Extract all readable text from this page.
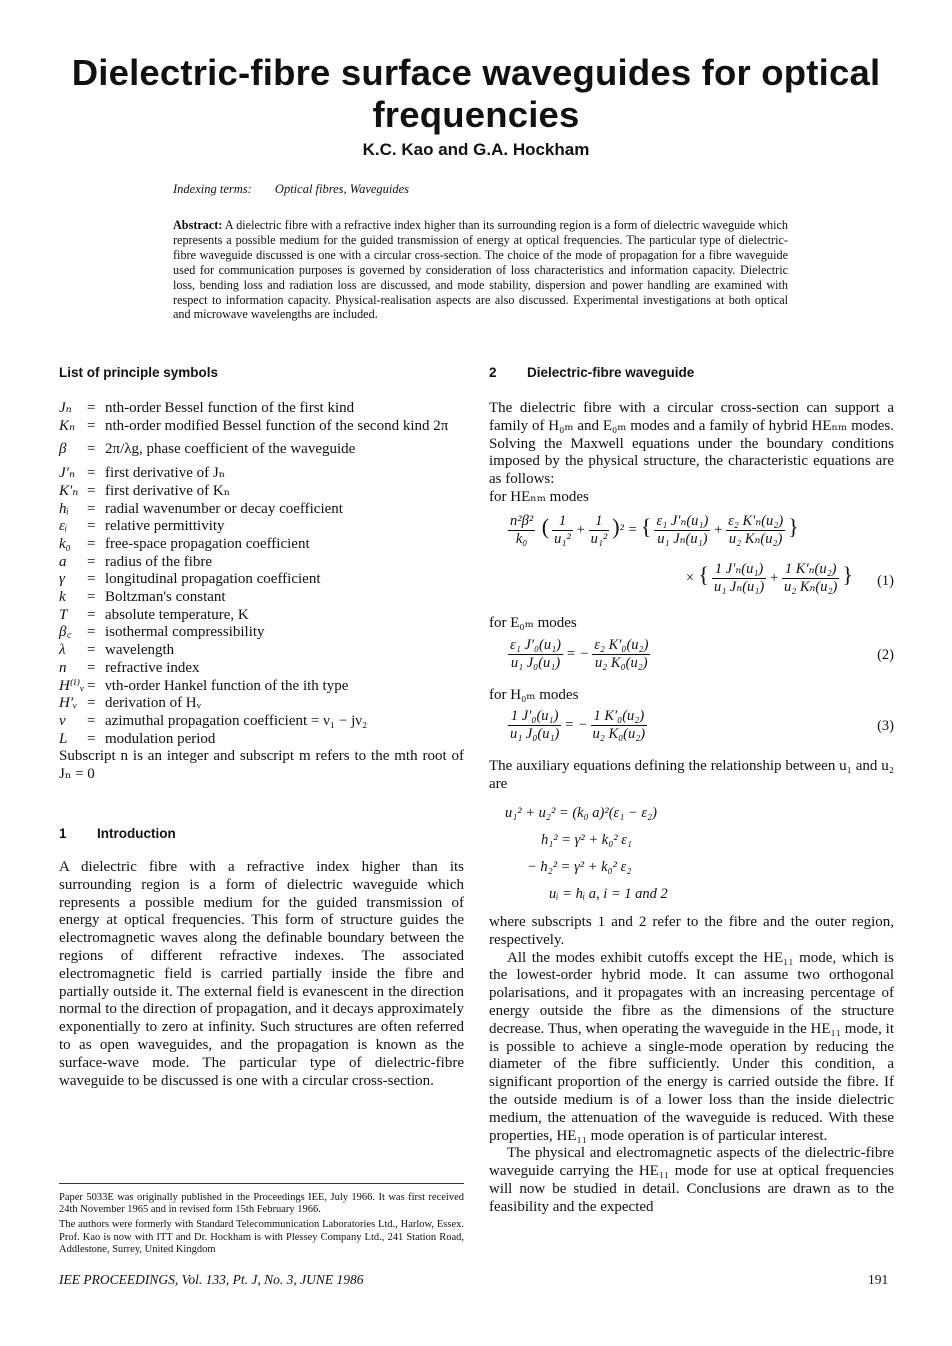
Dielectric-fibre surface waveguides for optical frequencies
K.C. Kao and G.A. Hockham
Indexing terms: Optical fibres, Waveguides
Abstract: A dielectric fibre with a refractive index higher than its surrounding region is a form of dielectric waveguide which represents a possible medium for the guided transmission of energy at optical frequencies. The particular type of dielectric-fibre waveguide discussed is one with a circular cross-section. The choice of the mode of propagation for a fibre waveguide used for communication purposes is governed by consideration of loss characteristics and information capacity. Dielectric loss, bending loss and radiation loss are discussed, and mode stability, dispersion and power handling are examined with respect to information capacity. Physical-realisation aspects are also discussed. Experimental investigations at both optical and microwave wavelengths are included.
List of principle symbols
Jₙ	= nth-order Bessel function of the first kind
Kₙ = nth-order modified Bessel function of the second kind 2π
β	= 2π/λg, phase coefficient of the waveguide
J′ₙ = first derivative of Jₙ
K′ₙ = first derivative of Kₙ
hᵢ	= radial wavenumber or decay coefficient
εᵢ	= relative permittivity
k₀	= free-space propagation coefficient
a	= radius of the fibre
γ	= longitudinal propagation coefficient
k	= Boltzman's constant
T	= absolute temperature, K
β꜀	= isothermal compressibility
λ	= wavelength
n	= refractive index
H⁽ⁱ⁾ᵥ = νth-order Hankel function of the ith type
H′ᵥ = derivation of Hᵥ
ν	= azimuthal propagation coefficient = ν₁ − jν₂
L	= modulation period

Subscript n is an integer and subscript m refers to the mth root of Jₙ = 0

1 Introduction

A dielectric fibre with a refractive index higher than its surrounding region is a form of dielectric waveguide which represents a possible medium for the guided transmission of energy at optical frequencies. This form of structure guides the electromagnetic waves along the definable boundary between the regions of different refractive indexes. The associated electromagnetic field is carried partially inside the fibre and partially outside it. The external field is evanescent in the direction normal to the direction of propagation, and it decays approximately exponentially to zero at infinity. Such structures are often referred to as open waveguides, and the propagation is known as the surface-wave mode. The particular type of dielectric-fibre waveguide to be discussed is one with a circular cross-section.

2 Dielectric-fibre waveguide

The dielectric fibre with a circular cross-section can support a family of H₀ₘ and E₀ₘ modes and a family of hybrid HEₙₘ modes. Solving the Maxwell equations under the boundary conditions imposed by the physical structure, the characteristic equations are as follows:

for HEₙₘ modes

$\frac{\text{n²β²}}{\text{k₀}}$ ( $\frac{1}{\text{u₁²}} + \frac{1}{\text{u₁²}} )^2$ = { $\frac{\text{ε₁ J′ₙ(u₁)}}{\text{u₁ Jₙ(u₁)}} + \frac{\text{ε₂ K′ₙ(u₂)}}{\text{u₂ Kₙ(u₂)}}$ }
× { $\frac{\text{1 J′ₙ(u₁)}}{\text{u₁ Jₙ(u₁)}} + \frac{\text{1 K′ₙ(u₂)}}{\text{u₂ Kₙ(u₂)}}$ } (1)

for E₀ₘ modes

$\frac{\text{ε₁ J′₀(u₁)}}{\text{u₁ J₀(u₁)}}$ = − $\frac{\text{ε₂ K′₀(u₂)}}{\text{u₂ K₀(u₂)}}$	(2)

for H₀ₘ modes

$\frac{\text{1 J′₀(u₁)}}{\text{u₁ J₀(u₁)}}$ = − $\frac{\text{1 K′₀(u₂)}}{\text{u₂ K₀(u₂)}}$	(3)

The auxiliary equations defining the relationship between u₁ and u₂ are

u₁² + u₂² = (k₀ a)²(ε₁ − ε₂)
h₁² = γ² + k₀² ε₁
− h₂² = γ² + k₀² ε₂
uᵢ = hᵢ a, i = 1 and 2

where subscripts 1 and 2 refer to the fibre and the outer region, respectively.

All the modes exhibit cutoffs except the HE₁₁ mode, which is the lowest-order hybrid mode. It can assume two orthogonal polarisations, and it propagates with an increasing percentage of energy outside the fibre as the dimensions of the structure decrease. Thus, when operating the waveguide in the HE₁₁ mode, it is possible to achieve a single-mode operation by reducing the diameter of the fibre sufficiently. Under this condition, a significant proportion of the energy is carried outside the fibre. If the outside medium is of a lower loss than the inside dielectric medium, the attenuation of the waveguide is reduced. With these properties, HE₁₁ mode operation is of particular interest.

The physical and electromagnetic aspects of the dielectric-fibre waveguide carrying the HE₁₁ mode for use at optical frequencies will now be studied in detail. Conclusions are drawn as to the feasibility and the expected

Paper 5033E was originally published in the Proceedings IEE, July 1966. It was first received 24th November 1965 and in revised form 15th February 1966.

The authors were formerly with Standard Telecommunication Laboratories Ltd., Harlow, Essex. Prof. Kao is now with ITT and Dr. Hockham is with Plessey Company Ltd., 241 Station Road, Addlestone, Surrey, United Kingdom

IEE PROCEEDINGS, Vol. 133, Pt. J, No. 3, JUNE 1986	191
